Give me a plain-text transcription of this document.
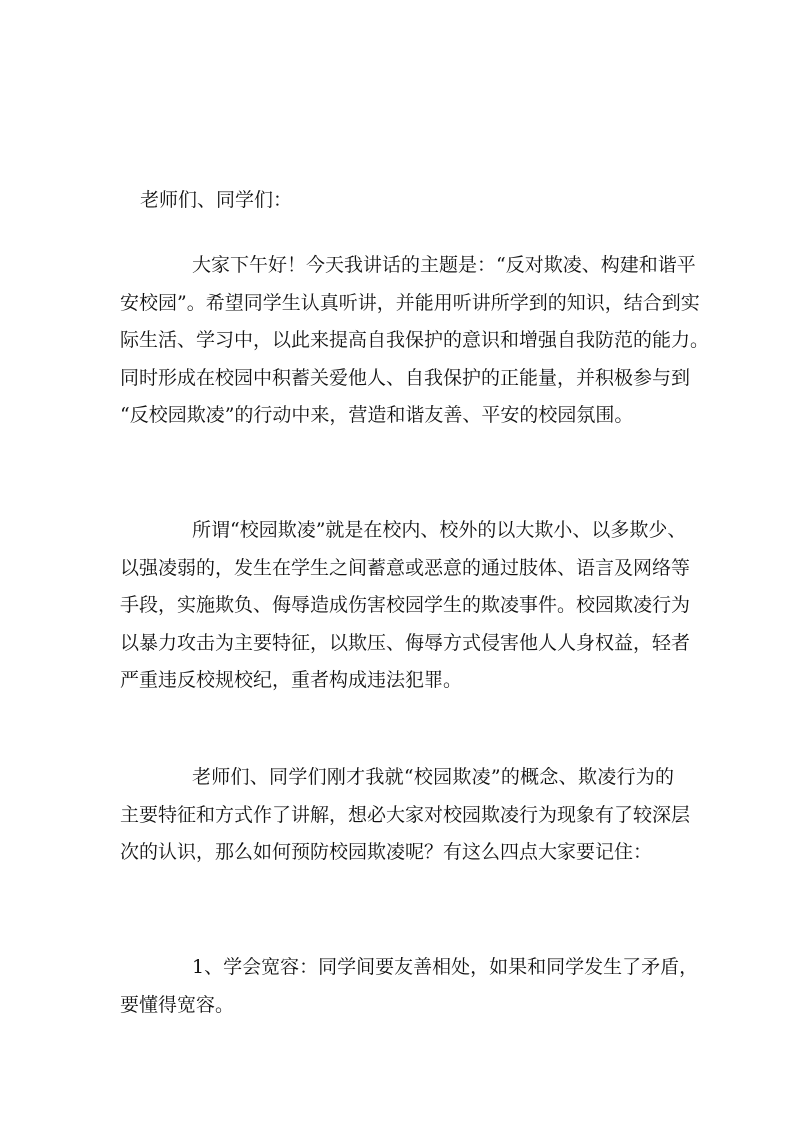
老师们、同学们：
大家下午好！今天我讲话的主题是：“反对欺凌、构建和谐平
安校园”。希望同学生认真听讲，并能用听讲所学到的知识，结合到实
际生活、学习中，以此来提高自我保护的意识和增强自我防范的能力。
同时形成在校园中积蓄关爱他人、自我保护的正能量，并积极参与到
“反校园欺凌”的行动中来，营造和谐友善、平安的校园氛围。
所谓“校园欺凌”就是在校内、校外的以大欺小、以多欺少、
以强凌弱的，发生在学生之间蓄意或恶意的通过肢体、语言及网络等
手段，实施欺负、侮辱造成伤害校园学生的欺凌事件。校园欺凌行为
以暴力攻击为主要特征，以欺压、侮辱方式侵害他人人身权益，轻者
严重违反校规校纪，重者构成违法犯罪。
老师们、同学们刚才我就“校园欺凌”的概念、欺凌行为的
主要特征和方式作了讲解，想必大家对校园欺凌行为现象有了较深层
次的认识，那么如何预防校园欺凌呢？有这么四点大家要记住：
1、学会宽容：同学间要友善相处，如果和同学发生了矛盾，
要懂得宽容。
